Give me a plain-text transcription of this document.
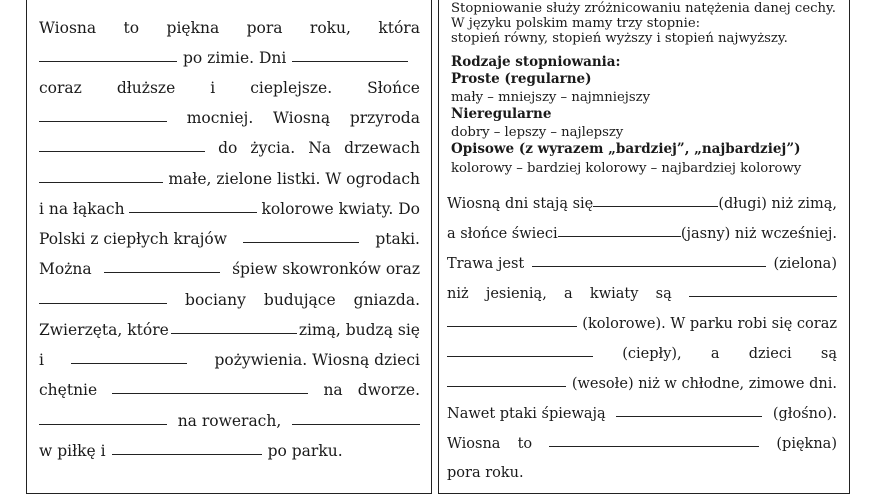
Stopniowanie służy zróżnicowaniu natężenia danej cechy.
W języku polskim mamy trzy stopnie:
stopień równy, stopień wyższy i stopień najwyższy.
Rodzaje stopniowania:
Proste (regularne)
mały – mniejszy – najmniejszy
Nieregularne
dobry – lepszy – najlepszy
Opisowe (z wyrazem „bardziej”, „najbardziej”)
kolorowy – bardziej kolorowy – najbardziej kolorowy
Wiosna to piękna pora roku, która
po zimie. Dni
coraz dłuższe i cieplejsze. Słońce
mocniej. Wiosną przyroda
do życia. Na drzewach
małe, zielone listki. W ogrodach
i na łąkach	kolorowe kwiaty. Do
Polski z ciepłych krajów	ptaki.
Można	śpiew skowronków oraz
bociany budujące gniazda.
Zwierzęta, które	zimą, budzą się
i	pożywienia. Wiosną dzieci
chętnie	na dworze.
na rowerach,
w piłkę i	po parku.
Wiosną dni stają się	(długi) niż zimą,
a słońce świeci	(jasny) niż wcześniej.
Trawa jest	(zielona)
niż jesienią, a kwiaty są
(kolorowe). W parku robi się coraz
(ciepły), a dzieci są
(wesołe) niż w chłodne, zimowe dni.
Nawet ptaki śpiewają	(głośno).
Wiosna to	(piękna)
pora roku.
